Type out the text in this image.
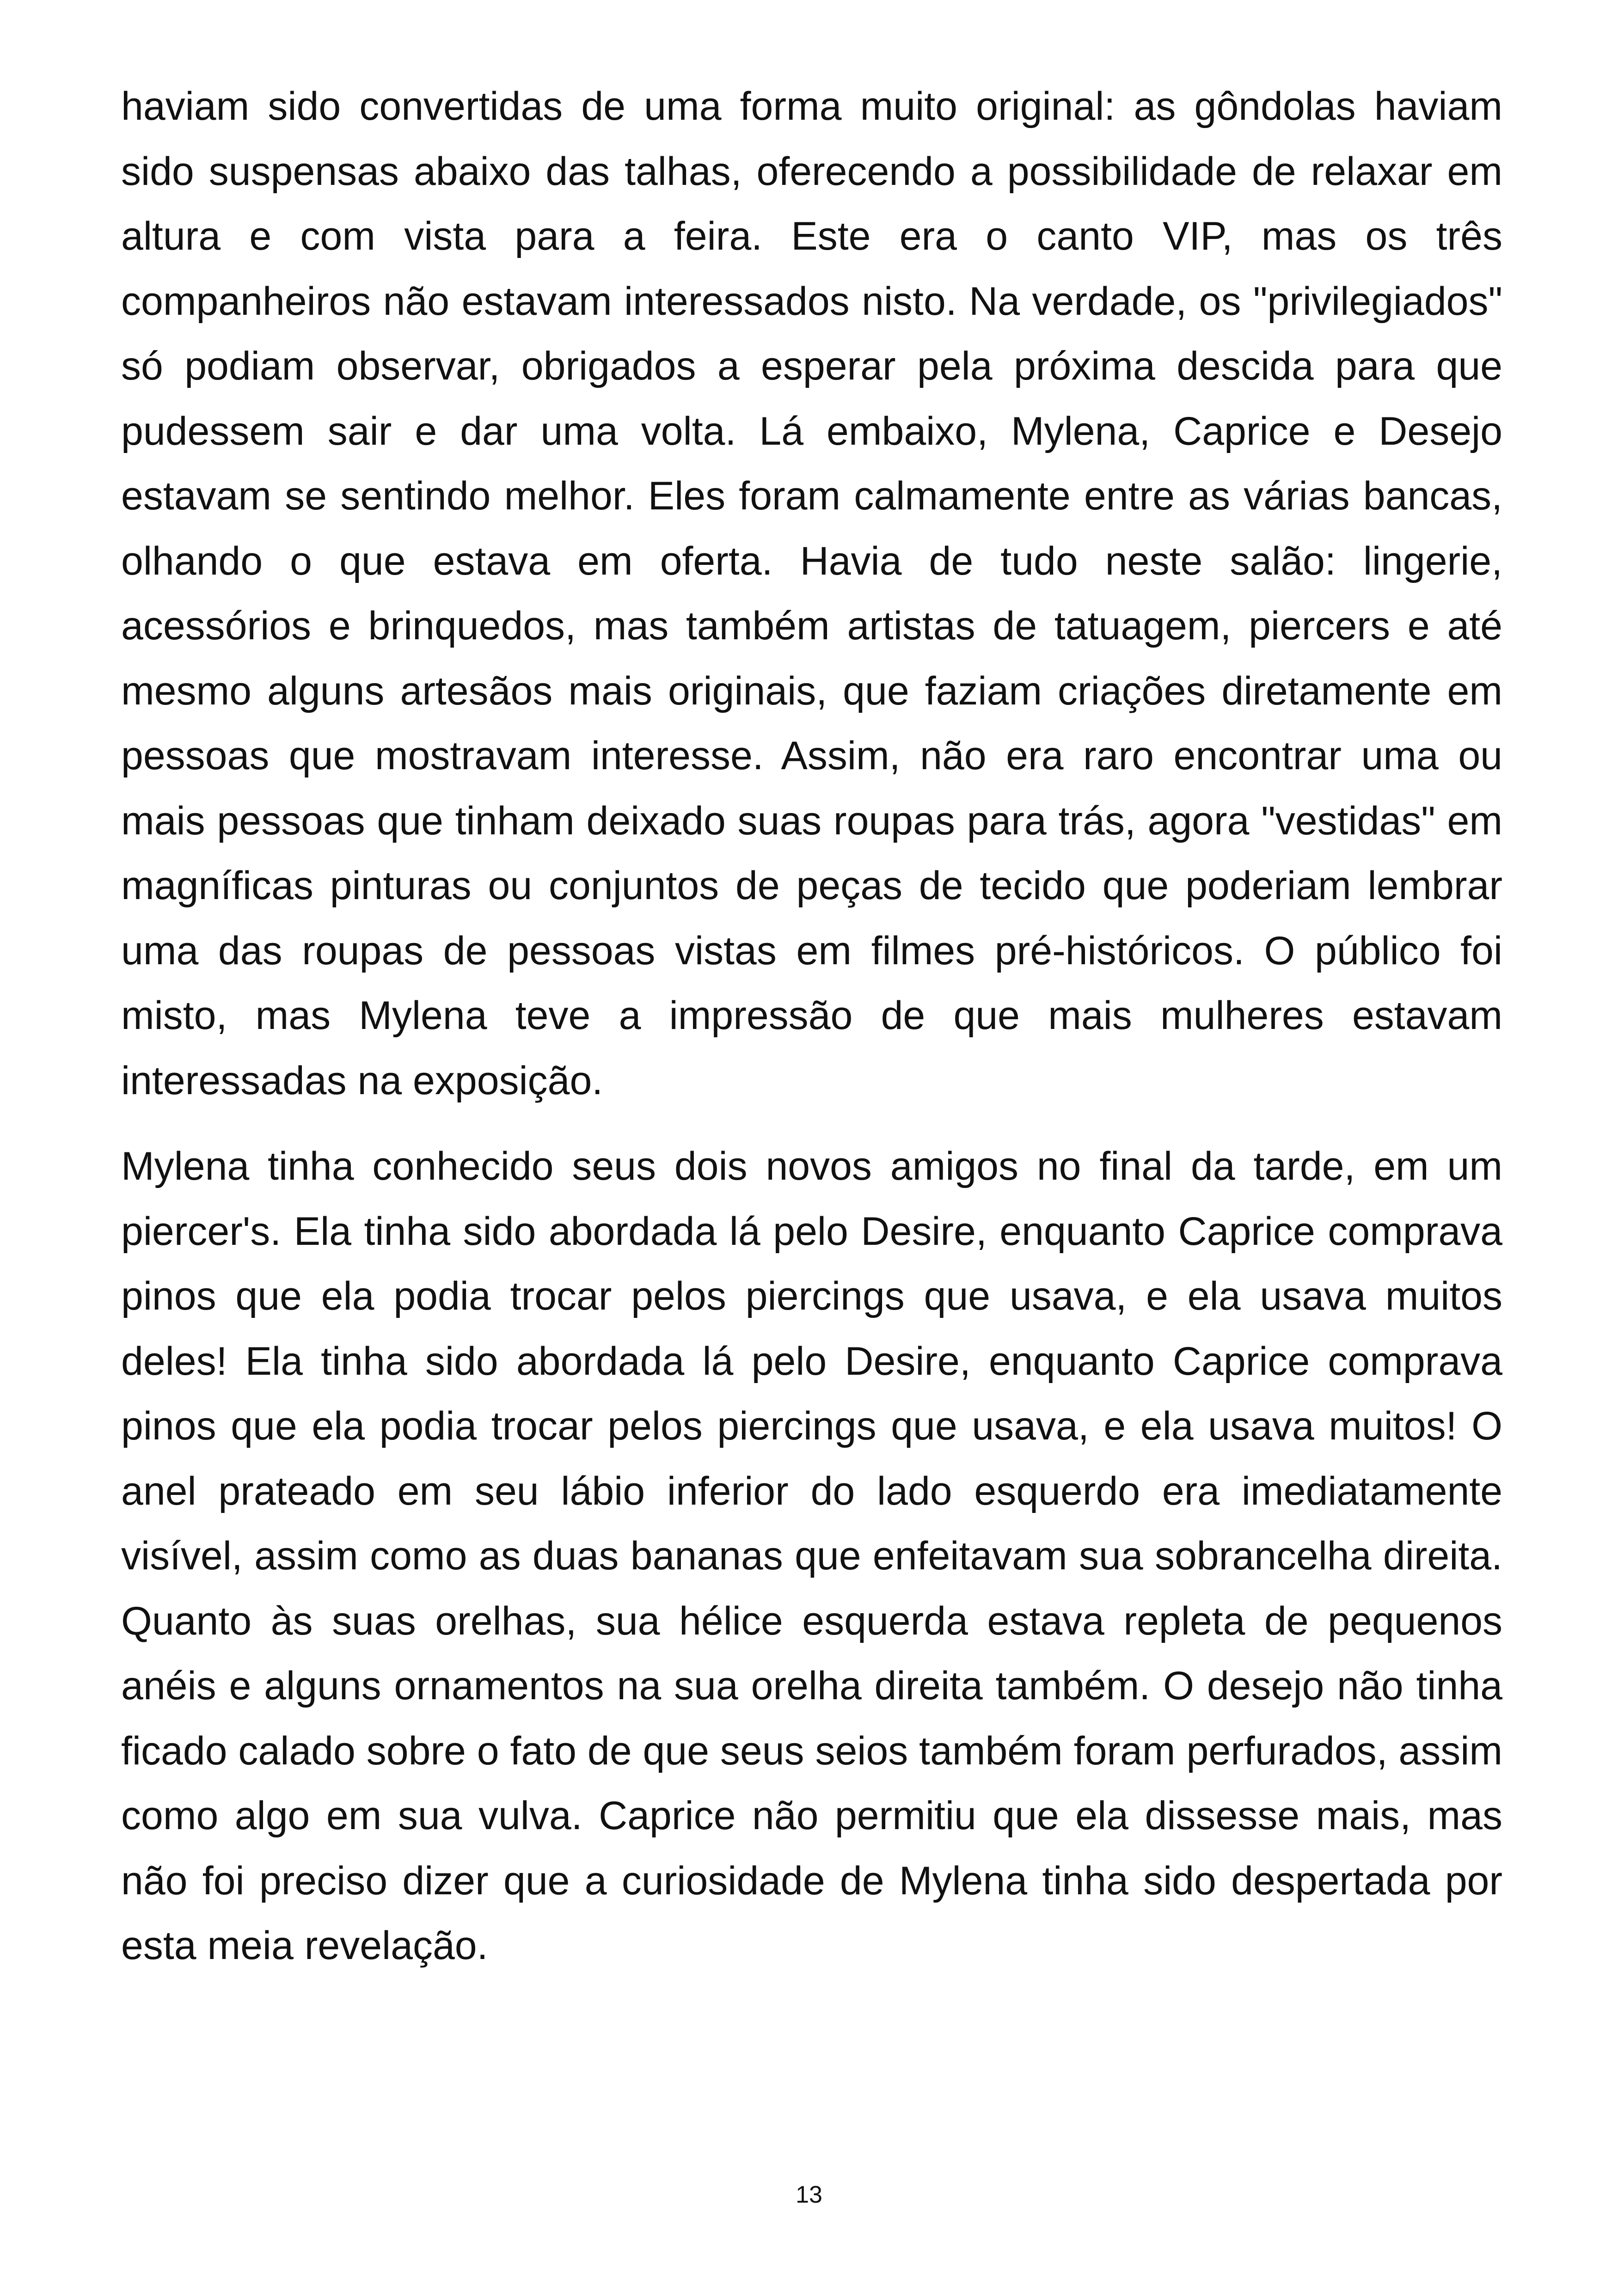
haviam sido convertidas de uma forma muito original: as gôndolas haviam sido suspensas abaixo das talhas, oferecendo a possibilidade de relaxar em altura e com vista para a feira. Este era o canto VIP, mas os três companheiros não estavam interessados nisto. Na verdade, os "privilegiados" só podiam observar, obrigados a esperar pela próxima descida para que pudessem sair e dar uma volta. Lá embaixo, Mylena, Caprice e Desejo estavam se sentindo melhor. Eles foram calmamente entre as várias bancas, olhando o que estava em oferta. Havia de tudo neste salão: lingerie, acessórios e brinquedos, mas também artistas de tatuagem, piercers e até mesmo alguns artesãos mais originais, que faziam criações diretamente em pessoas que mostravam interesse. Assim, não era raro encontrar uma ou mais pessoas que tinham deixado suas roupas para trás, agora "vestidas" em magníficas pinturas ou conjuntos de peças de tecido que poderiam lembrar uma das roupas de pessoas vistas em filmes pré-históricos. O público foi misto, mas Mylena teve a impressão de que mais mulheres estavam interessadas na exposição.

Mylena tinha conhecido seus dois novos amigos no final da tarde, em um piercer's. Ela tinha sido abordada lá pelo Desire, enquanto Caprice comprava pinos que ela podia trocar pelos piercings que usava, e ela usava muitos deles! Ela tinha sido abordada lá pelo Desire, enquanto Caprice comprava pinos que ela podia trocar pelos piercings que usava, e ela usava muitos! O anel prateado em seu lábio inferior do lado esquerdo era imediatamente visível, assim como as duas bananas que enfeitavam sua sobrancelha direita. Quanto às suas orelhas, sua hélice esquerda estava repleta de pequenos anéis e alguns ornamentos na sua orelha direita também. O desejo não tinha ficado calado sobre o fato de que seus seios também foram perfurados, assim como algo em sua vulva. Caprice não permitiu que ela dissesse mais, mas não foi preciso dizer que a curiosidade de Mylena tinha sido despertada por esta meia revelação.

13
